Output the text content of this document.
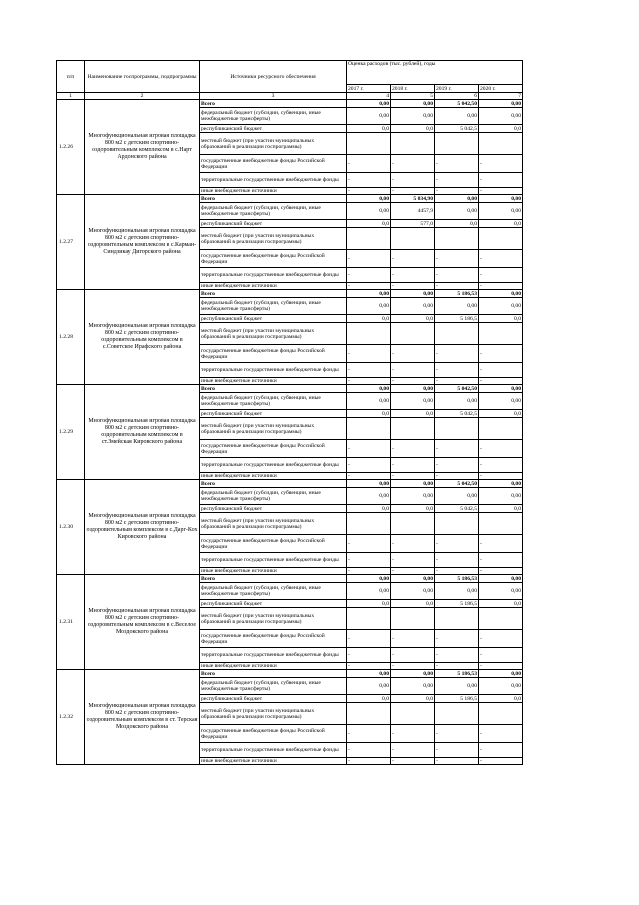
п/п	Наименование госпрограммы, подпрограммы	Источники ресурсного обеспечения	Оценка расходов (тыс. рублей), годы			
			2017 г.	2018 г.	2019 г.	2020 г.
1	2	3	4	5	6	7
1.2.26	Многофункциональная игровая площадка 800 м2 с детским спортивно-оздоровительным комплексом в с.Нарт Ардонского района	Всего	0,00	0,00	5 042,50	0,00
		федеральный бюджет (субсидии, субвенции, иные межбюджетные трансферты)	0,00	0,00	0,00	0,00
		республиканский бюджет	0,0	0,0	5 042,5	0,0
		местный бюджет (при участии муниципальных образований в реализации госпрограммы)				
		государственные внебюджетные фонды Российской Федерации	-	-	-	-
		территориальные государственные внебюджетные фонды	-	-	-	-
		иные внебюджетные источники	-	-	-	-
1.2.27	Многофункциональная игровая площадка 800 м2 с детским спортивно-оздоровительным комплексом в с.Карман-Синдзикау Дигорского района	Всего	0,00	5 034,90	0,00	0,00
		федеральный бюджет (субсидии, субвенции, иные межбюджетные трансферты)	0,00	4457,9	0,00	0,00
		республиканский бюджет	0,0	577,0	0,0	0,0
		местный бюджет (при участии муниципальных образований в реализации госпрограммы)				
		государственные внебюджетные фонды Российской Федерации	-	-	-	-
		территориальные государственные внебюджетные фонды	-	-	-	-
		иные внебюджетные источники	-	-	-	-
1.2.28	Многофункциональная игровая площадка 800 м2 с детским спортивно-оздоровительным комплексом в с.Советское Ирафского района	Всего	0,00	0,00	5 186,53	0,00
		федеральный бюджет (субсидии, субвенции, иные межбюджетные трансферты)	0,00	0,00	0,00	0,00
		республиканский бюджет	0,0	0,0	5 186,5	0,0
		местный бюджет (при участии муниципальных образований в реализации госпрограммы)				
		государственные внебюджетные фонды Российской Федерации	-	-	-	-
		территориальные государственные внебюджетные фонды	-	-	-	-
		иные внебюджетные источники	-	-	-	-
1.2.29	Многофункциональная игровая площадка 800 м2 с детским спортивно-оздоровительным комплексом в ст.Змейская Кировского района	Всего	0,00	0,00	5 042,50	0,00
		федеральный бюджет (субсидии, субвенции, иные межбюджетные трансферты)	0,00	0,00	0,00	0,00
		республиканский бюджет	0,0	0,0	5 042,5	0,0
		местный бюджет (при участии муниципальных образований в реализации госпрограммы)				
		государственные внебюджетные фонды Российской Федерации	-	-	-	-
		территориальные государственные внебюджетные фонды	-	-	-	-
		иные внебюджетные источники	-	-	-	-
1.2.30	Многофункциональная игровая площадка 800 м2 с детским спортивно-оздоровительным комплексом в с.Дарг-Кох Кировского района	Всего	0,00	0,00	5 042,50	0,00
		федеральный бюджет (субсидии, субвенции, иные межбюджетные трансферты)	0,00	0,00	0,00	0,00
		республиканский бюджет	0,0	0,0	5 042,5	0,0
		местный бюджет (при участии муниципальных образований в реализации госпрограммы)				
		государственные внебюджетные фонды Российской Федерации	-	-	-	-
		территориальные государственные внебюджетные фонды	-	-	-	-
		иные внебюджетные источники	-	-	-	-
1.2.31	Многофункциональная игровая площадка 800 м2 с детским спортивно-оздоровительным комплексом в с.Веселое Моздокского района	Всего	0,00	0,00	5 186,53	0,00
		федеральный бюджет (субсидии, субвенции, иные межбюджетные трансферты)	0,00	0,00	0,00	0,00
		республиканский бюджет	0,0	0,0	5 186,5	0,0
		местный бюджет (при участии муниципальных образований в реализации госпрограммы)				
		государственные внебюджетные фонды Российской Федерации	-	-	-	-
		территориальные государственные внебюджетные фонды	-	-	-	-
		иные внебюджетные источники	-	-	-	-
1.2.32	Многофункциональная игровая площадка 800 м2 с детским спортивно-оздоровительным комплексом в ст. Терская Моздокского района	Всего	0,00	0,00	5 186,53	0,00
		федеральный бюджет (субсидии, субвенции, иные межбюджетные трансферты)	0,00	0,00	0,00	0,00
		республиканский бюджет	0,0	0,0	5 186,5	0,0
		местный бюджет (при участии муниципальных образований в реализации госпрограммы)				
		государственные внебюджетные фонды Российской Федерации	-	-	-	-
		территориальные государственные внебюджетные фонды	-	-	-	-
		иные внебюджетные источники	-	-	-	-
